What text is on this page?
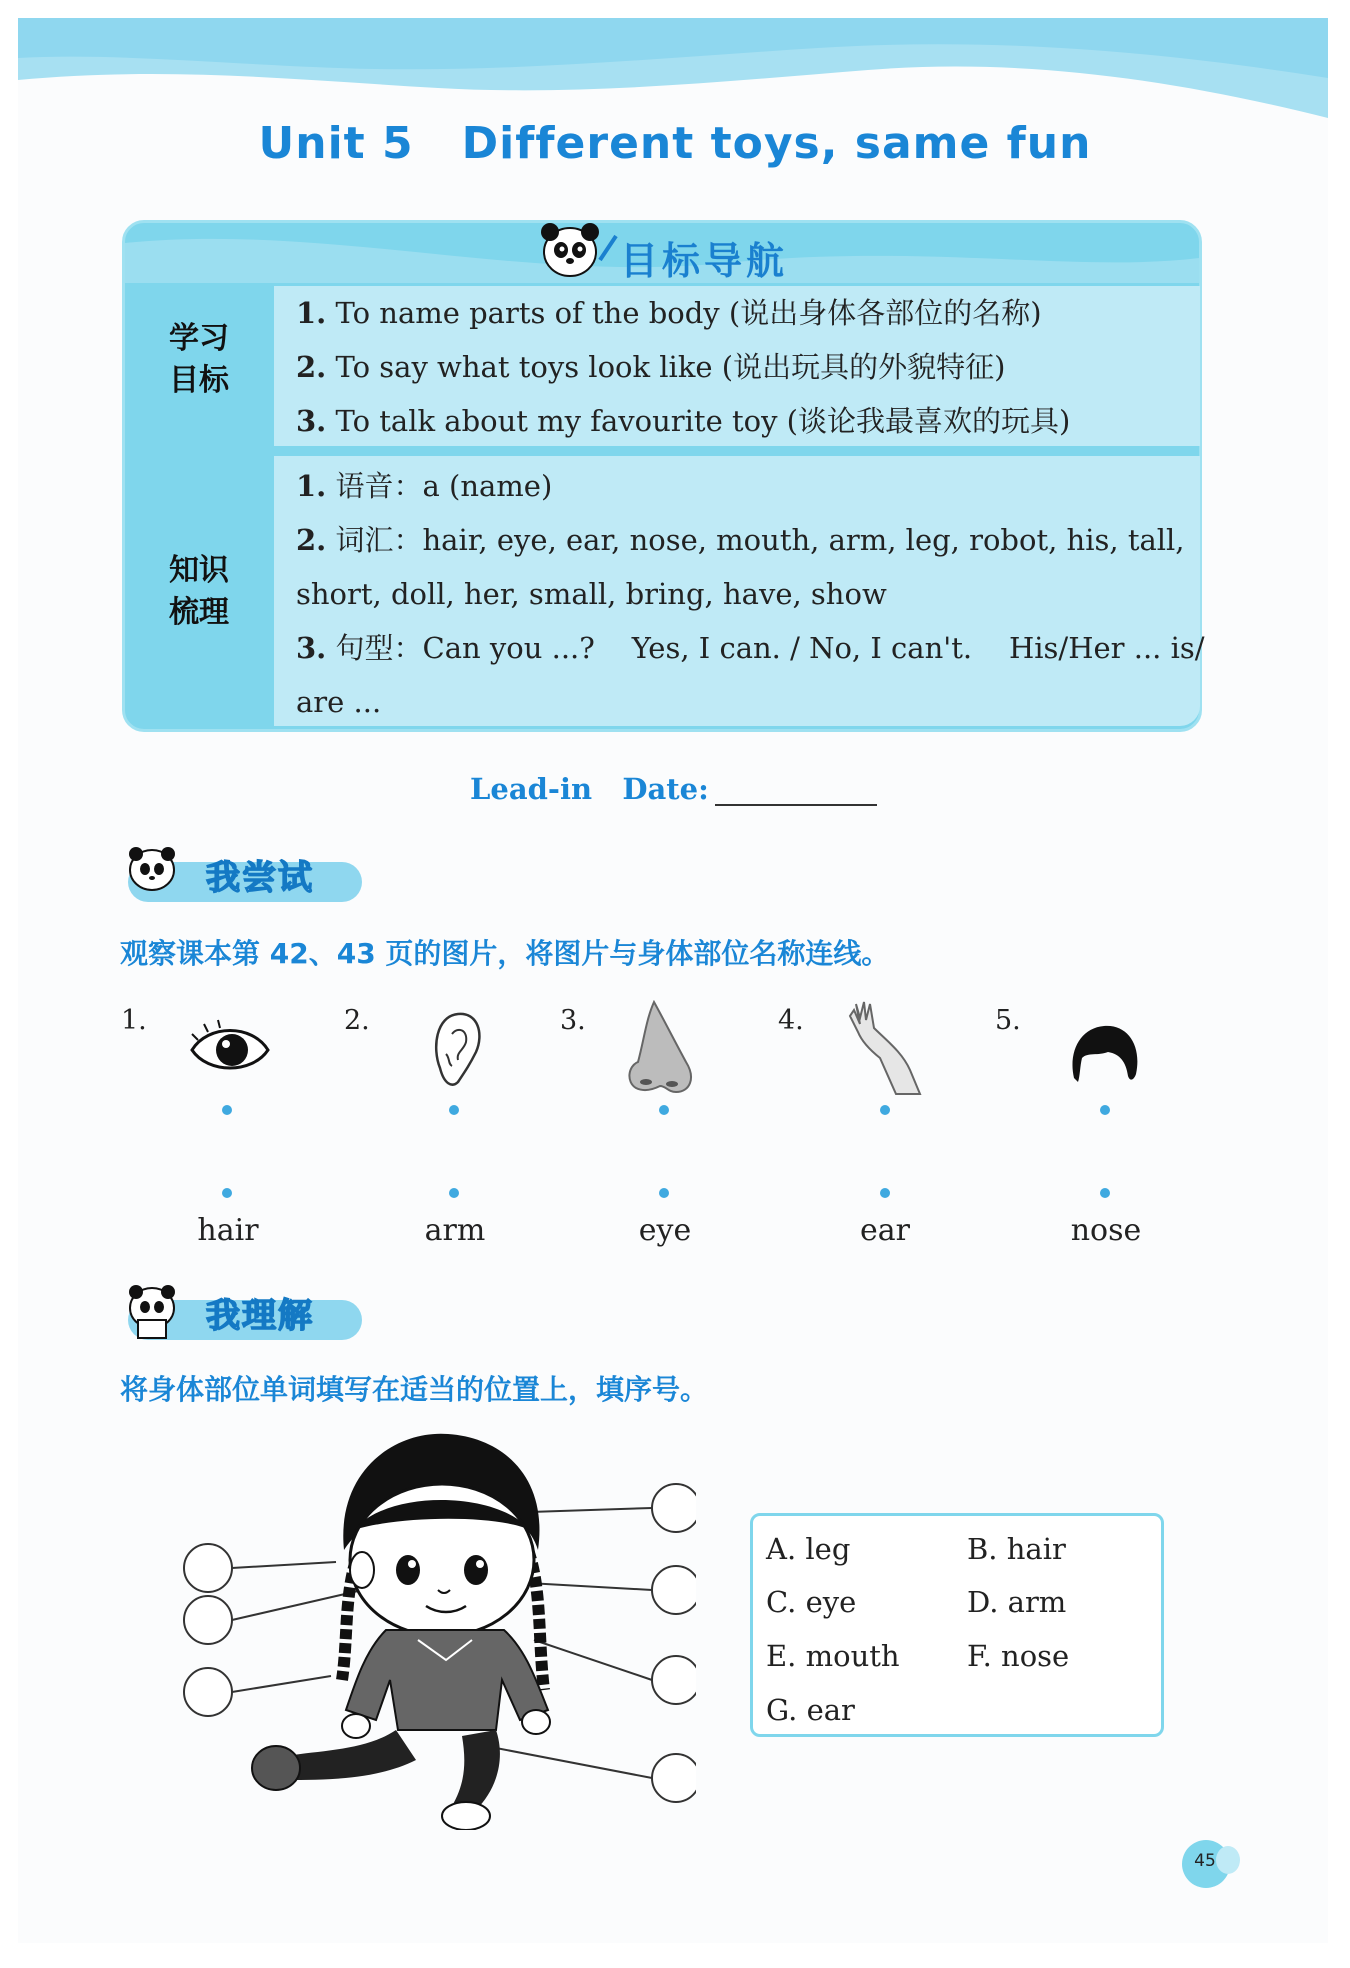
Unit 5 Different toys, same fun
目标导航
学习
目标
1. To name parts of the body (说出身体各部位的名称)
2. To say what toys look like (说出玩具的外貌特征)
3. To talk about my favourite toy (谈论我最喜欢的玩具)
知识
梳理
1. 语音：a (name)
2. 词汇：hair, eye, ear, nose, mouth, arm, leg, robot, his, tall,
short, doll, her, small, bring, have, show
3. 句型：Can you ...?    Yes, I can. / No, I can't.    His/Her ... is/
are ...
Lead-in Date:
我尝试
观察课本第 42、43 页的图片，将图片与身体部位名称连线。
1.	2.	3.	4.	5.
hair	arm	eye	ear	nose
我理解
将身体部位单词填写在适当的位置上，填序号。
A. leg	B. hair
C. eye	D. arm
E. mouth F. nose
G. ear
45
